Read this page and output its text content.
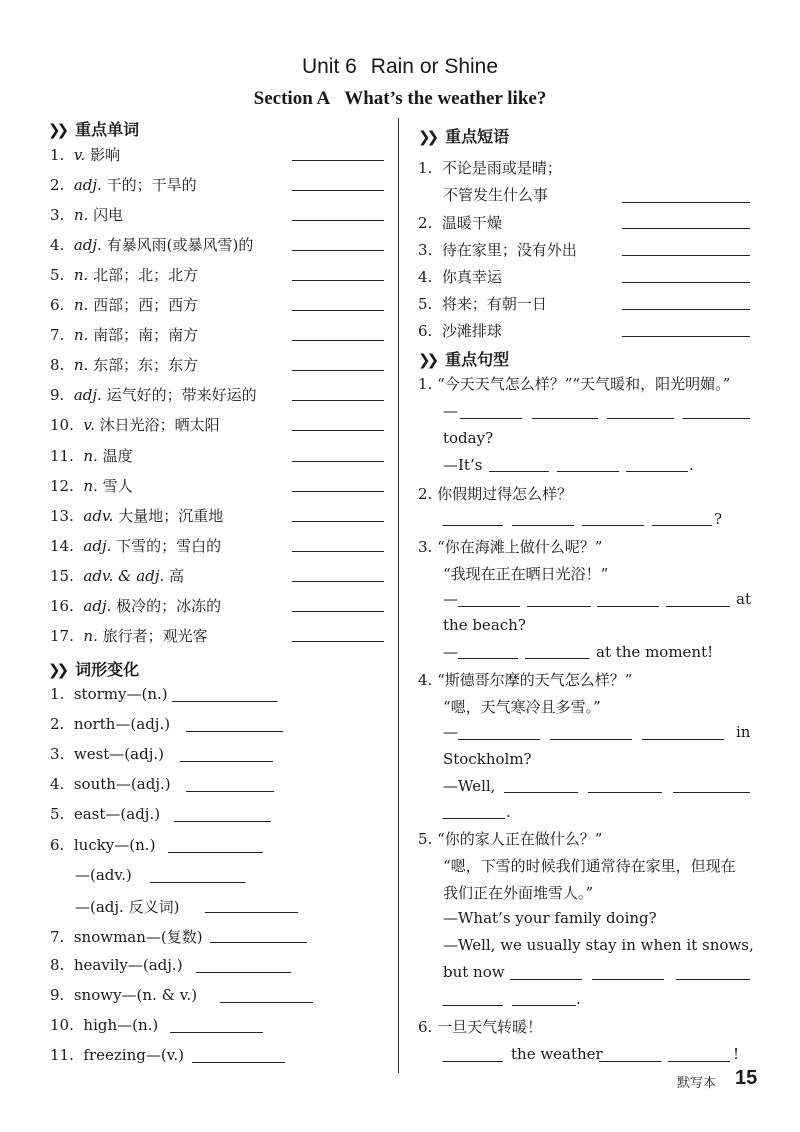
Unit 6 Rain or Shine
Section A What’s the weather like?
❯❯ 重点单词
❯❯ 词形变化
❯❯ 重点短语
❯❯ 重点句型
1. “今天天气怎么样？”“天气暖和，阳光明媚。”
—
today?
—It’s	.
2. 你假期过得怎么样？
?
3. “你在海滩上做什么呢？”
“我现在正在晒日光浴！”
—	at
the beach?
—	at the moment!
4. “斯德哥尔摩的天气怎么样？”
“嗯，天气寒冷且多雪。”
—	in
Stockholm?
—Well,
.
5. “你的家人正在做什么？”
“嗯，下雪的时候我们通常待在家里，但现在
我们正在外面堆雪人。”
—What’s your family doing?
—Well, we usually stay in when it snows,
but now
.
6. 一旦天气转暖！
the weather	!
默写本 15
1. v. 影响
2. adj. 干的；干旱的
3. n. 闪电
4. adj. 有暴风雨(或暴风雪)的
5. n. 北部；北；北方
6. n. 西部；西；西方
7. n. 南部；南；南方
8. n. 东部；东；东方
9. adj. 运气好的；带来好运的
10. v. 沐日光浴；晒太阳
11. n. 温度
12. n. 雪人
13. adv. 大量地；沉重地
14. adj. 下雪的；雪白的
15. adv. & adj. 高
16. adj. 极冷的；冰冻的
17. n. 旅行者；观光客
1. stormy—(n.)
2. north—(adj.)
3. west—(adj.)
4. south—(adj.)
5. east—(adj.)
6. lucky—(n.)
—(adv.)
—(adj. 反义词)
7. snowman—(复数)
8. heavily—(adj.)
9. snowy—(n. & v.)
10. high—(n.)
11. freezing—(v.)
1. 不论是雨或是晴；
不管发生什么事
2. 温暖干燥
3. 待在家里；没有外出
4. 你真幸运
5. 将来；有朝一日
6. 沙滩排球
